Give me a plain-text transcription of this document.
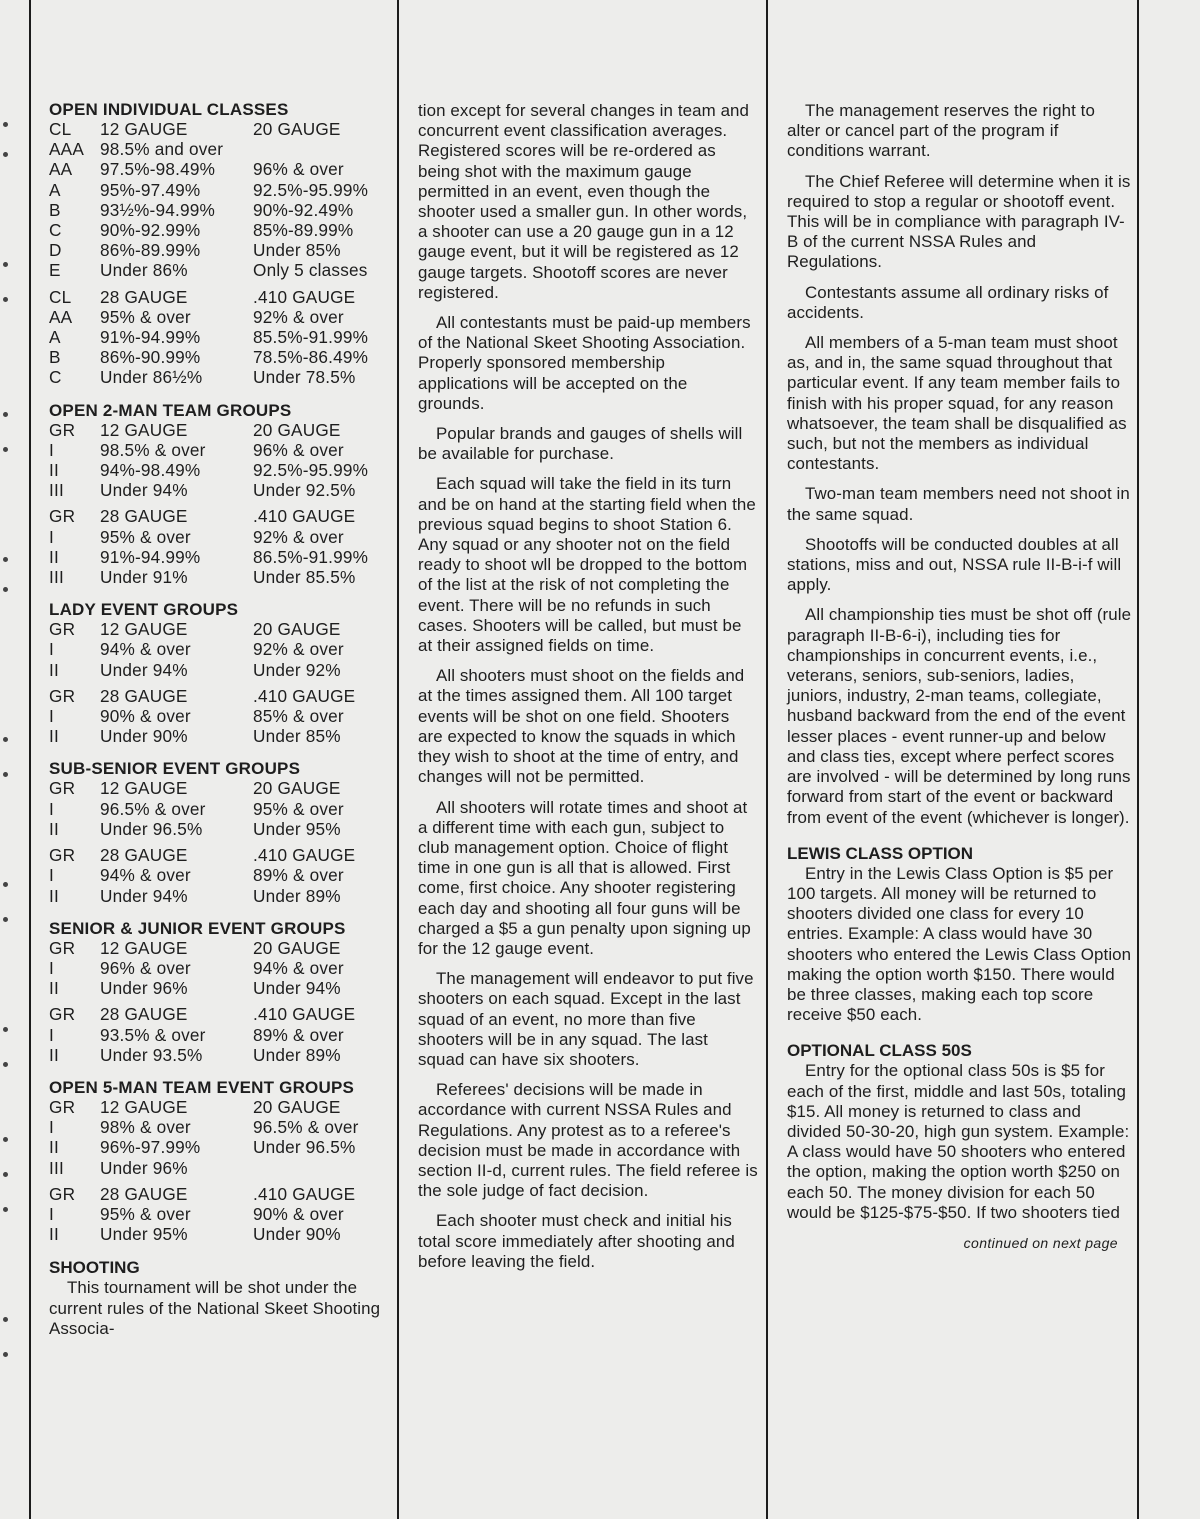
OPEN INDIVIDUAL CLASSES
CL	12 GAUGE	20 GAUGE
AAA 98.5% and over
AA	97.5%-98.49%	96% & over
A	95%-97.49%	92.5%-95.99%
B	93½%-94.99%	90%-92.49%
C	90%-92.99%	85%-89.99%
D	86%-89.99%	Under 85%
E	Under 86%	Only 5 classes
CL	28 GAUGE	.410 GAUGE
AA	95% & over	92% & over
A	91%-94.99%	85.5%-91.99%
B	86%-90.99%	78.5%-86.49%
C	Under 86½%	Under 78.5%
OPEN 2-MAN TEAM GROUPS
GR	12 GAUGE	20 GAUGE
I	98.5% & over	96% & over
II	94%-98.49%	92.5%-95.99%
III	Under 94%	Under 92.5%
GR	28 GAUGE	.410 GAUGE
I	95% & over	92% & over
II	91%-94.99%	86.5%-91.99%
III	Under 91%	Under 85.5%
LADY EVENT GROUPS
GR	12 GAUGE	20 GAUGE
I	94% & over	92% & over
II	Under 94%	Under 92%
GR	28 GAUGE	.410 GAUGE
I	90% & over	85% & over
II	Under 90%	Under 85%
SUB-SENIOR EVENT GROUPS
GR	12 GAUGE	20 GAUGE
I	96.5% & over	95% & over
II	Under 96.5%	Under 95%
GR	28 GAUGE	.410 GAUGE
I	94% & over	89% & over
II	Under 94%	Under 89%
SENIOR & JUNIOR EVENT GROUPS
GR	12 GAUGE	20 GAUGE
I	96% & over	94% & over
II	Under 96%	Under 94%
GR	28 GAUGE	.410 GAUGE
I	93.5% & over	89% & over
II	Under 93.5%	Under 89%
OPEN 5-MAN TEAM EVENT GROUPS
GR	12 GAUGE	20 GAUGE
I	98% & over	96.5% & over
II	96%-97.99%	Under 96.5%
III	Under 96%
GR	28 GAUGE	.410 GAUGE
I	95% & over	90% & over
II	Under 95%	Under 90%
SHOOTING

This tournament will be shot under the current rules of the National Skeet Shooting Associa-

tion except for several changes in team and concurrent event classification averages. Registered scores will be re-ordered as being shot with the maximum gauge permitted in an event, even though the shooter used a smaller gun. In other words, a shooter can use a 20 gauge gun in a 12 gauge event, but it will be registered as 12 gauge targets. Shootoff scores are never registered.

All contestants must be paid-up members of the National Skeet Shooting Association. Properly sponsored membership applications will be accepted on the grounds.

Popular brands and gauges of shells will be available for purchase.

Each squad will take the field in its turn and be on hand at the starting field when the previous squad begins to shoot Station 6. Any squad or any shooter not on the field ready to shoot wll be dropped to the bottom of the list at the risk of not completing the event. There will be no refunds in such cases. Shooters will be called, but must be at their assigned fields on time.

All shooters must shoot on the fields and at the times assigned them. All 100 target events will be shot on one field. Shooters are expected to know the squads in which they wish to shoot at the time of entry, and changes will not be permitted.

All shooters will rotate times and shoot at a different time with each gun, subject to club management option. Choice of flight time in one gun is all that is allowed. First come, first choice. Any shooter registering each day and shooting all four guns will be charged a $5 a gun penalty upon signing up for the 12 gauge event.

The management will endeavor to put five shooters on each squad. Except in the last squad of an event, no more than five shooters will be in any squad. The last squad can have six shooters.

Referees' decisions will be made in accordance with current NSSA Rules and Regulations. Any protest as to a referee's decision must be made in accordance with section II-d, current rules. The field referee is the sole judge of fact decision.

Each shooter must check and initial his total score immediately after shooting and before leaving the field.

The management reserves the right to alter or cancel part of the program if conditions warrant.

The Chief Referee will determine when it is required to stop a regular or shootoff event. This will be in compliance with paragraph IV-B of the current NSSA Rules and Regulations.

Contestants assume all ordinary risks of accidents.

All members of a 5-man team must shoot as, and in, the same squad throughout that particular event. If any team member fails to finish with his proper squad, for any reason whatsoever, the team shall be disqualified as such, but not the members as individual contestants.

Two-man team members need not shoot in the same squad.

Shootoffs will be conducted doubles at all stations, miss and out, NSSA rule II-B-i-f will apply.

All championship ties must be shot off (rule paragraph II-B-6-i), including ties for championships in concurrent events, i.e., veterans, seniors, sub-seniors, ladies, juniors, industry, 2-man teams, collegiate, husband backward from the end of the event lesser places - event runner-up and below and class ties, except where perfect scores are involved - will be determined by long runs forward from start of the event or backward from event of the event (whichever is longer).

LEWIS CLASS OPTION

Entry in the Lewis Class Option is $5 per 100 targets. All money will be returned to shooters divided one class for every 10 entries. Example: A class would have 30 shooters who entered the Lewis Class Option making the option worth $150. There would be three classes, making each top score receive $50 each.

OPTIONAL CLASS 50S

Entry for the optional class 50s is $5 for each of the first, middle and last 50s, totaling $15. All money is returned to class and divided 50-30-20, high gun system. Example: A class would have 50 shooters who entered the option, making the option worth $250 on each 50. The money division for each 50 would be $125-$75-$50. If two shooters tied

continued on next page
